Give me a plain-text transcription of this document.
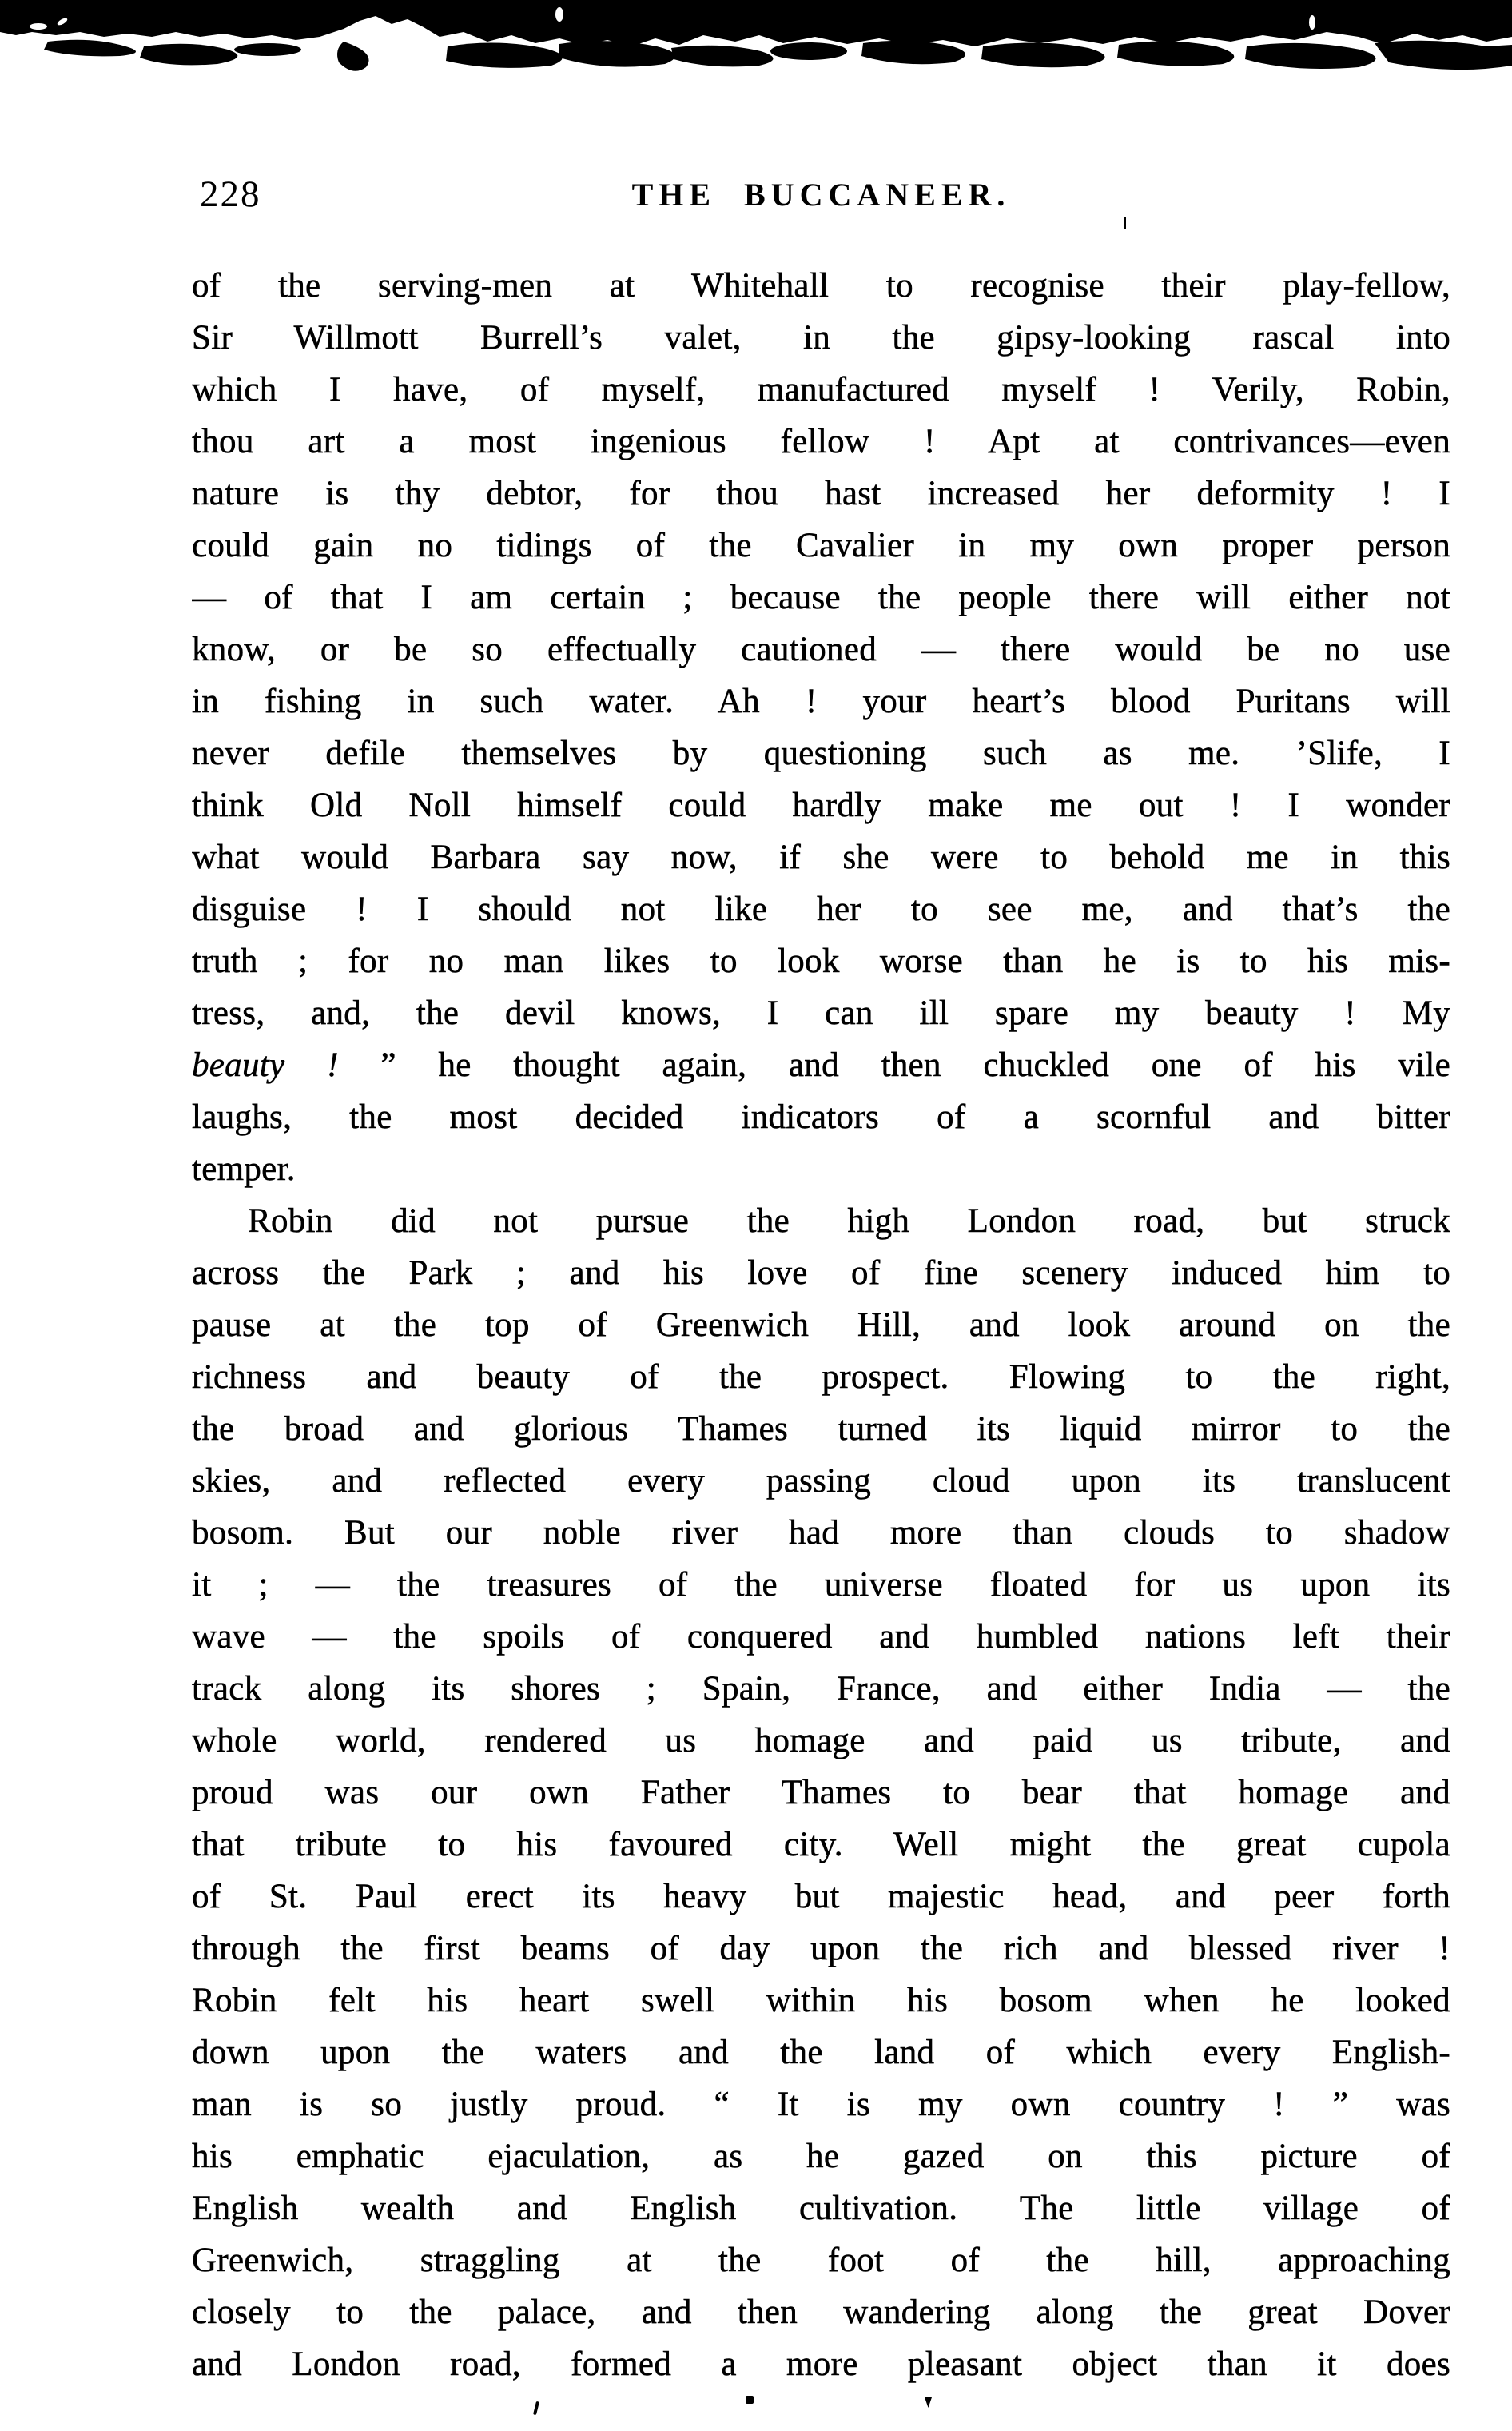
228	THE BUCCANEER.
of the serving-men at Whitehall to recognise their play-fellow,
Sir Willmott Burrell’s valet, in the gipsy-looking rascal into
which I have, of myself, manufactured myself ! Verily, Robin,
thou art a most ingenious fellow ! Apt at contrivances—even
nature is thy debtor, for thou hast increased her deformity ! I
could gain no tidings of the Cavalier in my own proper person
— of that I am certain ; because the people there will either not
know, or be so effectually cautioned — there would be no use
in fishing in such water. Ah ! your heart’s blood Puritans will
never defile themselves by questioning such as me. ’Slife, I
think Old Noll himself could hardly make me out ! I wonder
what would Barbara say now, if she were to behold me in this
disguise ! I should not like her to see me, and that’s the
truth ; for no man likes to look worse than he is to his mis-
tress, and, the devil knows, I can ill spare my beauty ! My
beauty ! ” he thought again, and then chuckled one of his vile
laughs, the most decided indicators of a scornful and bitter
temper.
Robin did not pursue the high London road, but struck
across the Park ; and his love of fine scenery induced him to
pause at the top of Greenwich Hill, and look around on the
richness and beauty of the prospect. Flowing to the right,
the broad and glorious Thames turned its liquid mirror to the
skies, and reflected every passing cloud upon its translucent
bosom. But our noble river had more than clouds to shadow
it ; — the treasures of the universe floated for us upon its
wave — the spoils of conquered and humbled nations left their
track along its shores ; Spain, France, and either India — the
whole world, rendered us homage and paid us tribute, and
proud was our own Father Thames to bear that homage and
that tribute to his favoured city. Well might the great cupola
of St. Paul erect its heavy but majestic head, and peer forth
through the first beams of day upon the rich and blessed river !
Robin felt his heart swell within his bosom when he looked
down upon the waters and the land of which every English-
man is so justly proud. “ It is my own country ! ” was
his emphatic ejaculation, as he gazed on this picture of
English wealth and English cultivation. The little village of
Greenwich, straggling at the foot of the hill, approaching
closely to the palace, and then wandering along the great Dover
and London road, formed a more pleasant object than it does
